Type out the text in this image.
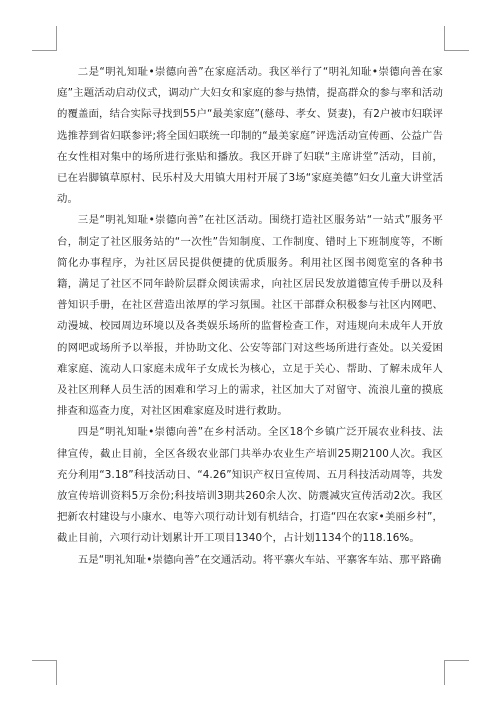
二是“明礼知耻•崇德向善”在家庭活动。我区举行了“明礼知耻•崇德向善在家庭”主题活动启动仪式，调动广大妇女和家庭的参与热情，提高群众的参与率和活动的覆盖面，结合实际寻找到55户“最美家庭”(慈母、孝女、贤妻)，有2户被市妇联评选推荐到省妇联参评;将全国妇联统一印制的“最美家庭”评选活动宣传画、公益广告在女性相对集中的场所进行张贴和播放。我区开辟了妇联“主席讲堂”活动，目前，已在岩脚镇草原村、民乐村及大用镇大用村开展了3场“家庭美德”妇女儿童大讲堂活动。

三是“明礼知耻•崇德向善”在社区活动。围绕打造社区服务站“一站式”服务平台，制定了社区服务站的“一次性”告知制度、工作制度、错时上下班制度等，不断简化办事程序，为社区居民提供便捷的优质服务。利用社区图书阅览室的各种书籍，满足了社区不同年龄阶层群众阅读需求，向社区居民发放道德宣传手册以及科普知识手册，在社区营造出浓厚的学习氛围。社区干部群众积极参与社区内网吧、动漫城、校园周边环境以及各类娱乐场所的监督检查工作，对违规向未成年人开放的网吧或场所予以举报，并协助文化、公安等部门对这些场所进行查处。以关爱困难家庭、流动人口家庭未成年子女成长为核心，立足于关心、帮助、了解未成年人及社区刑释人员生活的困难和学习上的需求，社区加大了对留守、流浪儿童的摸底排查和巡查力度，对社区困难家庭及时进行救助。

四是“明礼知耻•崇德向善”在乡村活动。全区18个乡镇广泛开展农业科技、法律宣传，截止目前，全区各级农业部门共举办农业生产培训25期2100人次。我区充分利用“3.18”科技活动日、“4.26”知识产权日宣传周、五月科技活动周等，共发放宣传培训资料5万余份;科技培训3期共260余人次、防震减灾宣传活动2次。我区把新农村建设与小康水、电等六项行动计划有机结合，打造“四在农家•美丽乡村”，截止目前，六项行动计划累计开工项目1340个，占计划1134个的118.16%。

五是“明礼知耻•崇德向善”在交通活动。将平寨火车站、平寨客车站、那平路确
